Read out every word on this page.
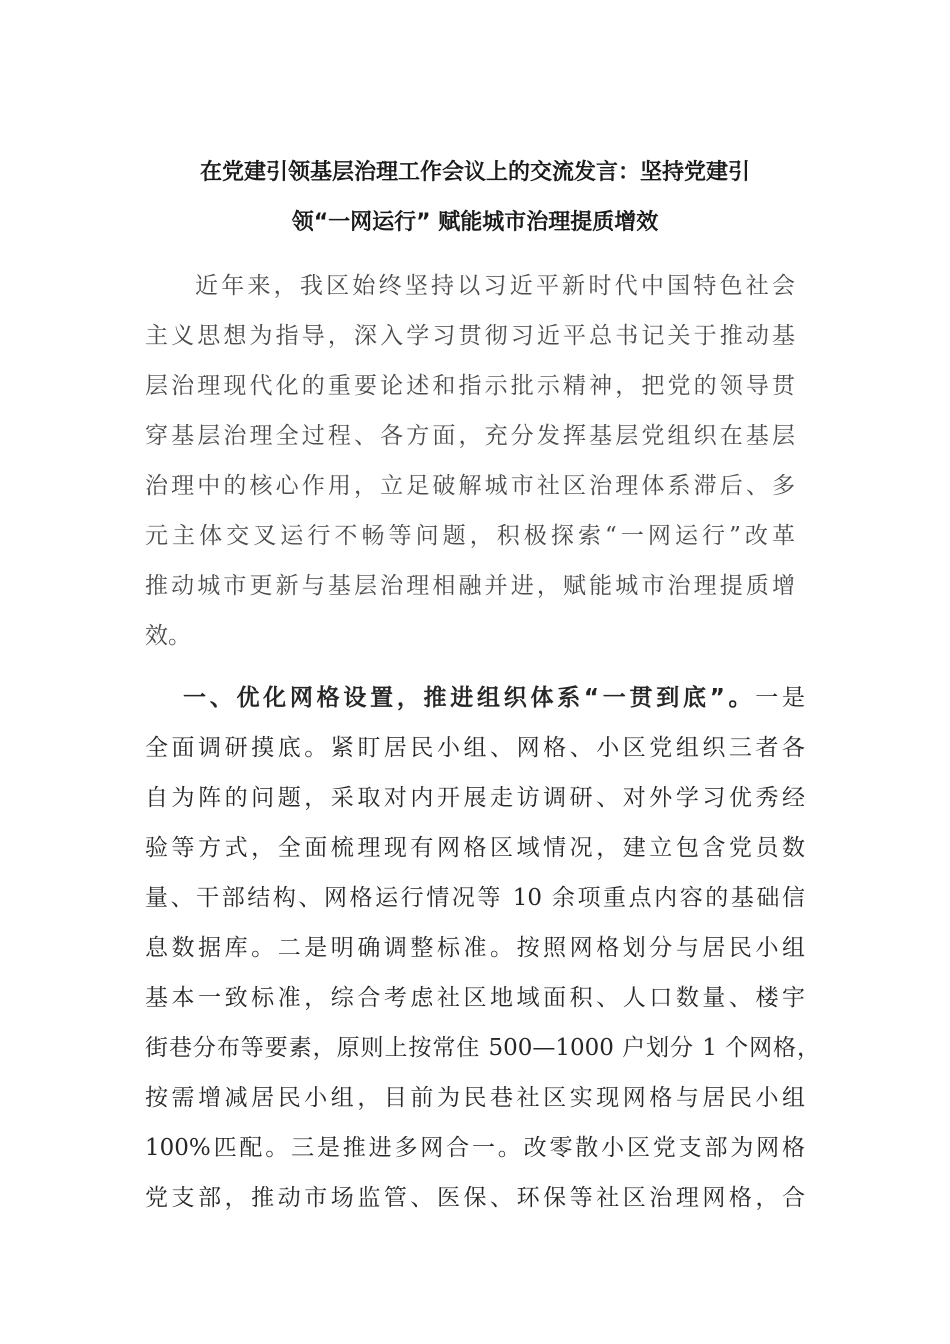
在党建引领基层治理工作会议上的交流发言：坚持党建引
领“一网运行” 赋能城市治理提质增效
近年来，我区始终坚持以习近平新时代中国特色社会
主义思想为指导，深入学习贯彻习近平总书记关于推动基
层治理现代化的重要论述和指示批示精神，把党的领导贯
穿基层治理全过程、各方面，充分发挥基层党组织在基层
治理中的核心作用，立足破解城市社区治理体系滞后、多
元主体交叉运行不畅等问题，积极探索“一网运行”改革
推动城市更新与基层治理相融并进，赋能城市治理提质增
效。
一、优化网格设置，推进组织体系“一贯到底”。一是
全面调研摸底。紧盯居民小组、网格、小区党组织三者各
自为阵的问题，采取对内开展走访调研、对外学习优秀经
验等方式，全面梳理现有网格区域情况，建立包含党员数
量、干部结构、网格运行情况等 10 余项重点内容的基础信
息数据库。二是明确调整标准。按照网格划分与居民小组
基本一致标准，综合考虑社区地域面积、人口数量、楼宇
街巷分布等要素，原则上按常住 500—1000 户划分 1 个网格，
按需增减居民小组，目前为民巷社区实现网格与居民小组
100%匹配。三是推进多网合一。改零散小区党支部为网格
党支部，推动市场监管、医保、环保等社区治理网格，合
